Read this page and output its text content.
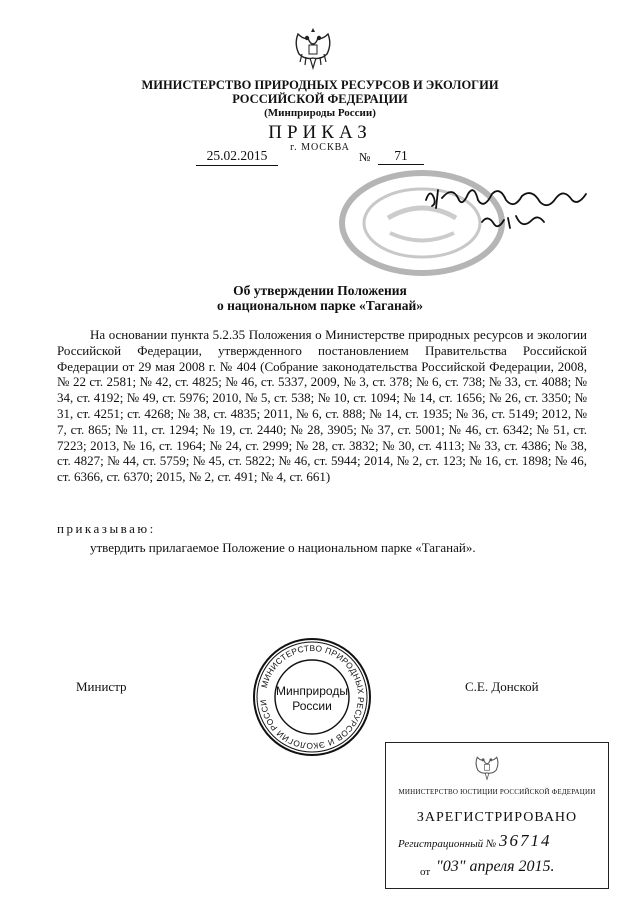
МИНИСТЕРСТВО ПРИРОДНЫХ РЕСУРСОВ И ЭКОЛОГИИ
РОССИЙСКОЙ ФЕДЕРАЦИИ
(Минприроды России)
ПРИКАЗ
г. МОСКВА
25.02.2015	№	71
Об утверждении Положения
о национальном парке «Таганай»

На основании пункта 5.2.35 Положения о Министерстве природных ресурсов и экологии Российской Федерации, утвержденного постановлением Правительства Российской Федерации от 29 мая 2008 г. № 404 (Собрание законодательства Российской Федерации, 2008, № 22 ст. 2581; № 42, ст. 4825; № 46, ст. 5337, 2009, № 3, ст. 378; № 6, ст. 738; № 33, ст. 4088; № 34, ст. 4192; № 49, ст. 5976; 2010, № 5, ст. 538; № 10, ст. 1094; № 14, ст. 1656; № 26, ст. 3350; № 31, ст. 4251; ст. 4268; № 38, ст. 4835; 2011, № 6, ст. 888; № 14, ст. 1935; № 36, ст. 5149; 2012, № 7, ст. 865; № 11, ст. 1294; № 19, ст. 2440; № 28, 3905; № 37, ст. 5001; № 46, ст. 6342; № 51, ст. 7223; 2013, № 16, ст. 1964; № 24, ст. 2999; № 28, ст. 3832; № 30, ст. 4113; № 33, ст. 4386; № 38, ст. 4827; № 44, ст. 5759; № 45, ст. 5822; № 46, ст. 5944; 2014, № 2, ст. 123; № 16, ст. 1898; № 46, ст. 6366, ст. 6370; 2015, № 2, ст. 491; № 4, ст. 661)

приказываю:
утвердить прилагаемое Положение о национальном парке «Таганай».
Министр	С.Е. Донской
МИНИСТЕРСТВО ПРИРОДНЫХ РЕСУРСОВ И ЭКОЛОГИИ РОССИ
Минприроды
России
МИНИСТЕРСТВО ЮСТИЦИИ РОССИЙСКОЙ ФЕДЕРАЦИИ
ЗАРЕГИСТРИРОВАНО
Регистрационный № 36714
от "03" апреля 2015.
